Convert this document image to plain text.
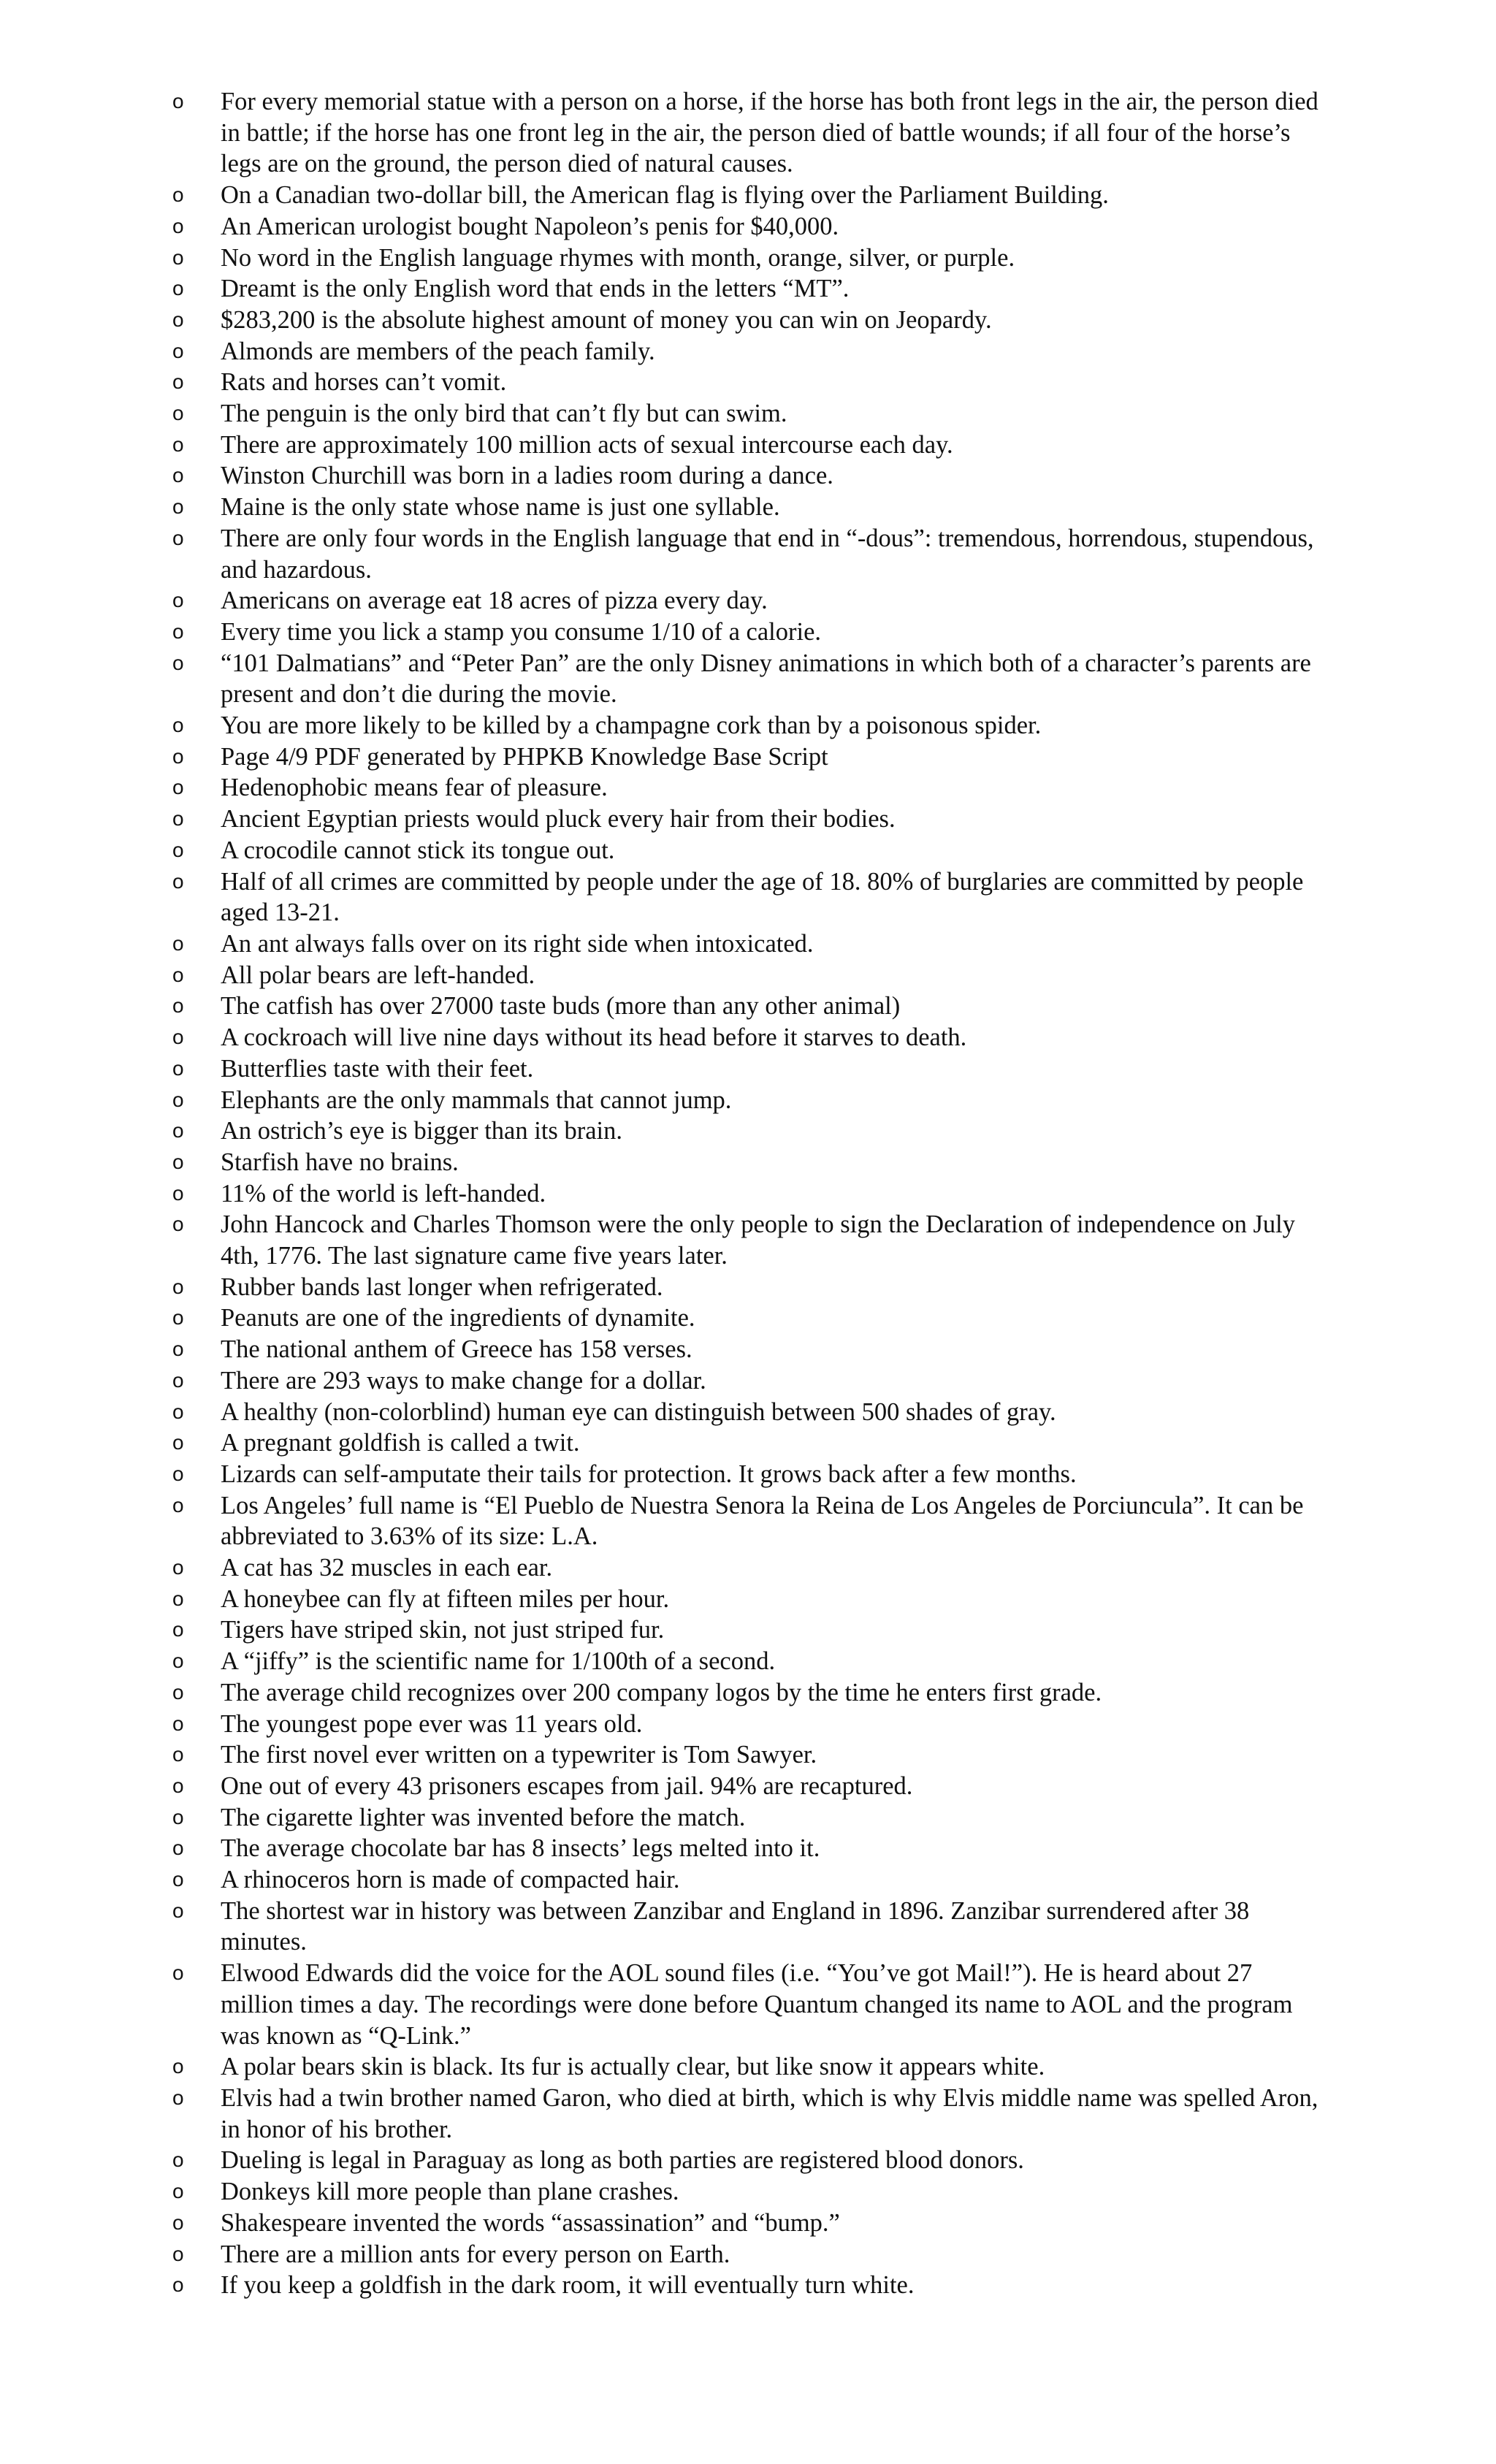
o	For every memorial statue with a person on a horse, if the horse has both front legs in the air, the person died in battle; if the horse has one front leg in the air, the person died of battle wounds; if all four of the horse’s legs are on the ground, the person died of natural causes.
o	On a Canadian two-dollar bill, the American flag is flying over the Parliament Building.
o	An American urologist bought Napoleon’s penis for $40,000.
o	No word in the English language rhymes with month, orange, silver, or purple.
o	Dreamt is the only English word that ends in the letters “MT”.
o	$283,200 is the absolute highest amount of money you can win on Jeopardy.
o	Almonds are members of the peach family.
o	Rats and horses can’t vomit.
o	The penguin is the only bird that can’t fly but can swim.
o	There are approximately 100 million acts of sexual intercourse each day.
o	Winston Churchill was born in a ladies room during a dance.
o	Maine is the only state whose name is just one syllable.
o	There are only four words in the English language that end in “-dous”: tremendous, horrendous, stupendous, and hazardous.
o	Americans on average eat 18 acres of pizza every day.
o	Every time you lick a stamp you consume 1/10 of a calorie.
o	“101 Dalmatians” and “Peter Pan” are the only Disney animations in which both of a character’s parents are present and don’t die during the movie.
o	You are more likely to be killed by a champagne cork than by a poisonous spider.
o	Page 4/9 PDF generated by PHPKB Knowledge Base Script
o	Hedenophobic means fear of pleasure.
o	Ancient Egyptian priests would pluck every hair from their bodies.
o	A crocodile cannot stick its tongue out.
o	Half of all crimes are committed by people under the age of 18. 80% of burglaries are committed by people aged 13-21.
o	An ant always falls over on its right side when intoxicated.
o	All polar bears are left-handed.
o	The catfish has over 27000 taste buds (more than any other animal)
o	A cockroach will live nine days without its head before it starves to death.
o	Butterflies taste with their feet.
o	Elephants are the only mammals that cannot jump.
o	An ostrich’s eye is bigger than its brain.
o	Starfish have no brains.
o	11% of the world is left-handed.
o	John Hancock and Charles Thomson were the only people to sign the Declaration of independence on July 4th, 1776. The last signature came five years later.
o	Rubber bands last longer when refrigerated.
o	Peanuts are one of the ingredients of dynamite.
o	The national anthem of Greece has 158 verses.
o	There are 293 ways to make change for a dollar.
o	A healthy (non-colorblind) human eye can distinguish between 500 shades of gray.
o	A pregnant goldfish is called a twit.
o	Lizards can self-amputate their tails for protection. It grows back after a few months.
o	Los Angeles’ full name is “El Pueblo de Nuestra Senora la Reina de Los Angeles de Porciuncula”. It can be abbreviated to 3.63% of its size: L.A.
o	A cat has 32 muscles in each ear.
o	A honeybee can fly at fifteen miles per hour.
o	Tigers have striped skin, not just striped fur.
o	A “jiffy” is the scientific name for 1/100th of a second.
o	The average child recognizes over 200 company logos by the time he enters first grade.
o	The youngest pope ever was 11 years old.
o	The first novel ever written on a typewriter is Tom Sawyer.
o	One out of every 43 prisoners escapes from jail. 94% are recaptured.
o	The cigarette lighter was invented before the match.
o	The average chocolate bar has 8 insects’ legs melted into it.
o	A rhinoceros horn is made of compacted hair.
o	The shortest war in history was between Zanzibar and England in 1896. Zanzibar surrendered after 38 minutes.
o	Elwood Edwards did the voice for the AOL sound files (i.e. “You’ve got Mail!”). He is heard about 27 million times a day. The recordings were done before Quantum changed its name to AOL and the program was known as “Q-Link.”
o	A polar bears skin is black. Its fur is actually clear, but like snow it appears white.
o	Elvis had a twin brother named Garon, who died at birth, which is why Elvis middle name was spelled Aron, in honor of his brother.
o	Dueling is legal in Paraguay as long as both parties are registered blood donors.
o	Donkeys kill more people than plane crashes.
o	Shakespeare invented the words “assassination” and “bump.”
o	There are a million ants for every person on Earth.
o	If you keep a goldfish in the dark room, it will eventually turn white.
